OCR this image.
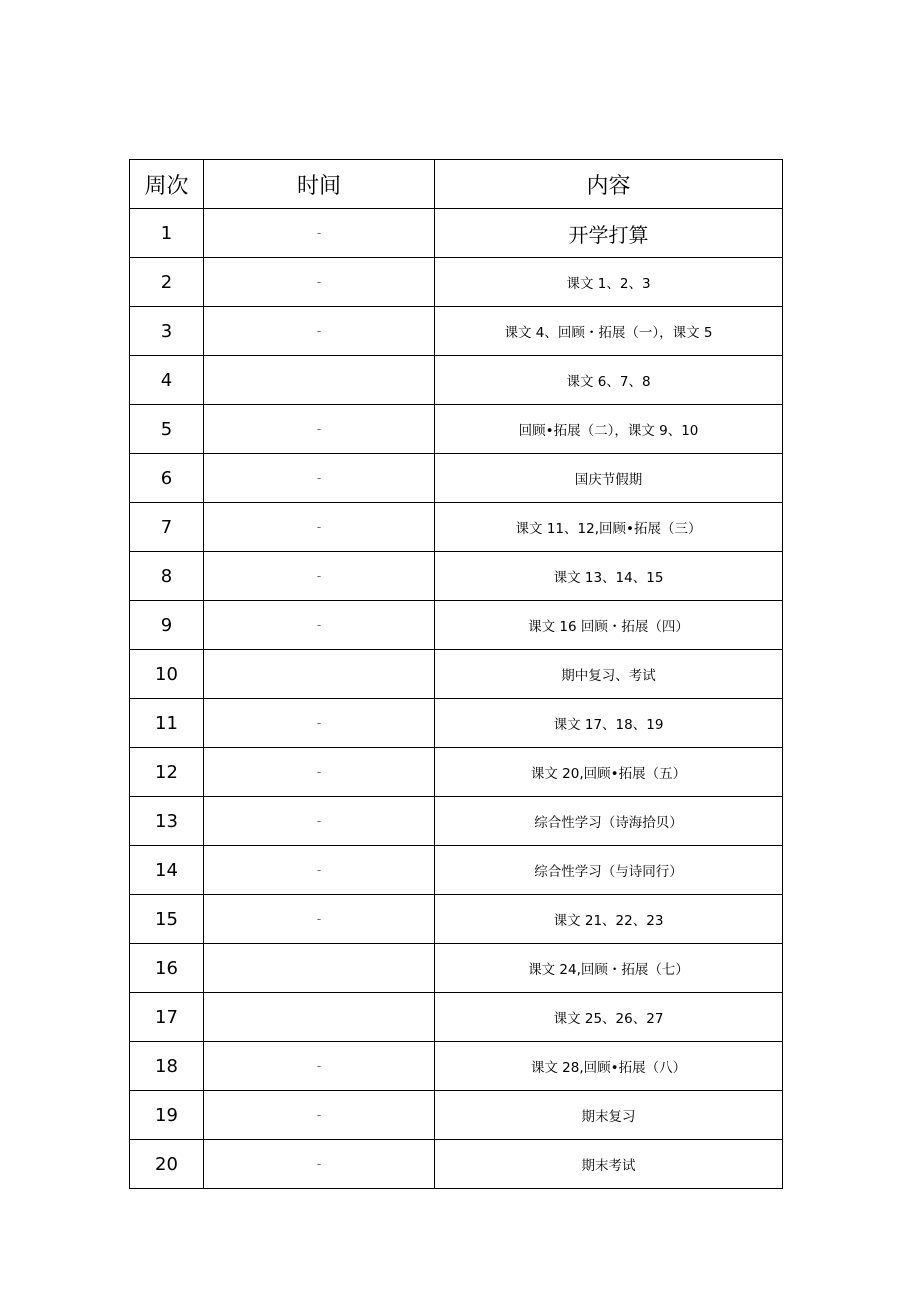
周次	时间	内容
1	-	开学打算
2	-	课文 1、2、3
3	-	课文 4、回顾・拓展（一），课文 5
4		课文 6、7、8
5	-	回顾•拓展（二），课文 9、10
6	-	国庆节假期
7	-	课文 11、12,回顾•拓展（三）
8	-	课文 13、14、15
9	-	课文 16 回顾・拓展（四）
10		期中复习、考试
11	-	课文 17、18、19
12	-	课文 20,回顾•拓展（五）
13	-	综合性学习（诗海拾贝）
14	-	综合性学习（与诗同行）
15	-	课文 21、22、23
16		课文 24,回顾・拓展（七）
17		课文 25、26、27
18	-	课文 28,回顾•拓展（八）
19	-	期末复习
20	-	期末考试
